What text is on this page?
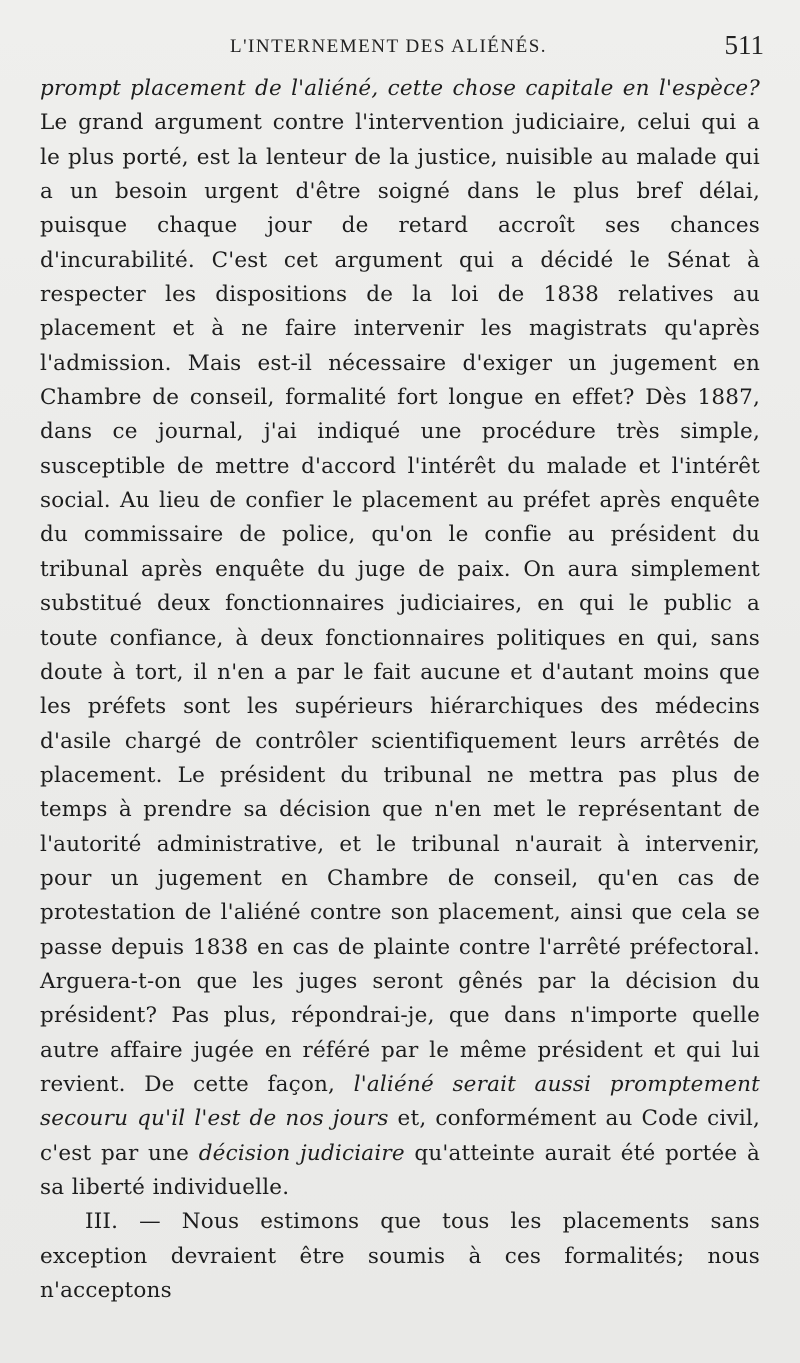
L'INTERNEMENT DES ALIÉNÉS.	511

prompt placement de l'aliéné, cette chose capitale en l'espèce? Le grand argument contre l'intervention judiciaire, celui qui a le plus porté, est la lenteur de la justice, nuisible au malade qui a un besoin urgent d'être soigné dans le plus bref délai, puisque chaque jour de retard accroît ses chances d'incurabilité. C'est cet argument qui a décidé le Sénat à respecter les dispositions de la loi de 1838 relatives au placement et à ne faire intervenir les magistrats qu'après l'admission. Mais est-il nécessaire d'exiger un jugement en Chambre de conseil, formalité fort longue en effet? Dès 1887, dans ce journal, j'ai indiqué une procédure très simple, susceptible de mettre d'accord l'intérêt du malade et l'intérêt social. Au lieu de confier le placement au préfet après enquête du commissaire de police, qu'on le confie au président du tribunal après enquête du juge de paix. On aura simplement substitué deux fonctionnaires judiciaires, en qui le public a toute confiance, à deux fonctionnaires politiques en qui, sans doute à tort, il n'en a par le fait aucune et d'autant moins que les préfets sont les supérieurs hiérarchiques des médecins d'asile chargé de contrôler scientifiquement leurs arrêtés de placement. Le président du tribunal ne mettra pas plus de temps à prendre sa décision que n'en met le représentant de l'autorité administrative, et le tribunal n'aurait à intervenir, pour un jugement en Chambre de conseil, qu'en cas de protestation de l'aliéné contre son placement, ainsi que cela se passe depuis 1838 en cas de plainte contre l'arrêté préfectoral. Arguera-t-on que les juges seront gênés par la décision du président? Pas plus, répondrai-je, que dans n'importe quelle autre affaire jugée en référé par le même président et qui lui revient. De cette façon, l'aliéné serait aussi promptement secouru qu'il l'est de nos jours et, conformément au Code civil, c'est par une décision judiciaire qu'atteinte aurait été portée à sa liberté individuelle.

III. — Nous estimons que tous les placements sans exception devraient être soumis à ces formalités; nous n'acceptons
